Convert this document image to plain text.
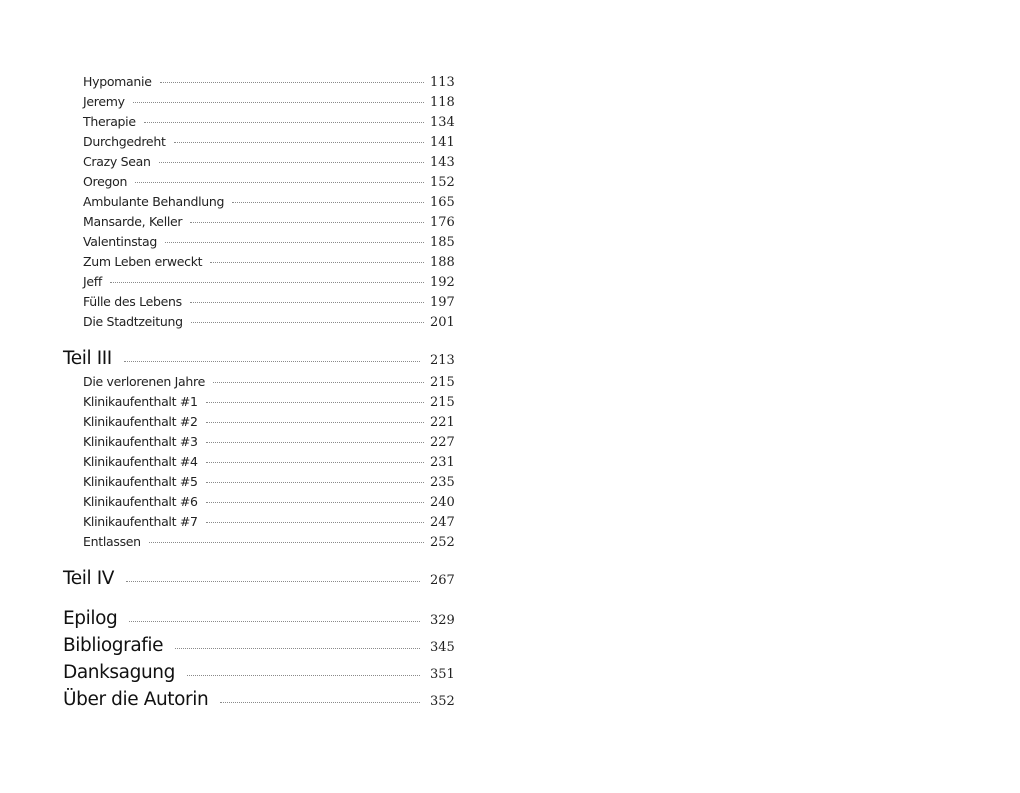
Hypomanie	113
Jeremy	118
Therapie	134
Durchgedreht	141
Crazy Sean	143
Oregon	152
Ambulante Behandlung	165
Mansarde, Keller	176
Valentinstag	185
Zum Leben erweckt	188
Jeff	192
Fülle des Lebens	197
Die Stadtzeitung	201
Teil III	213
Die verlorenen Jahre	215
Klinikaufenthalt #1	215
Klinikaufenthalt #2	221
Klinikaufenthalt #3	227
Klinikaufenthalt #4	231
Klinikaufenthalt #5	235
Klinikaufenthalt #6	240
Klinikaufenthalt #7	247
Entlassen	252
Teil IV	267
Epilog	329
Bibliografie	345
Danksagung	351
Über die Autorin	352
